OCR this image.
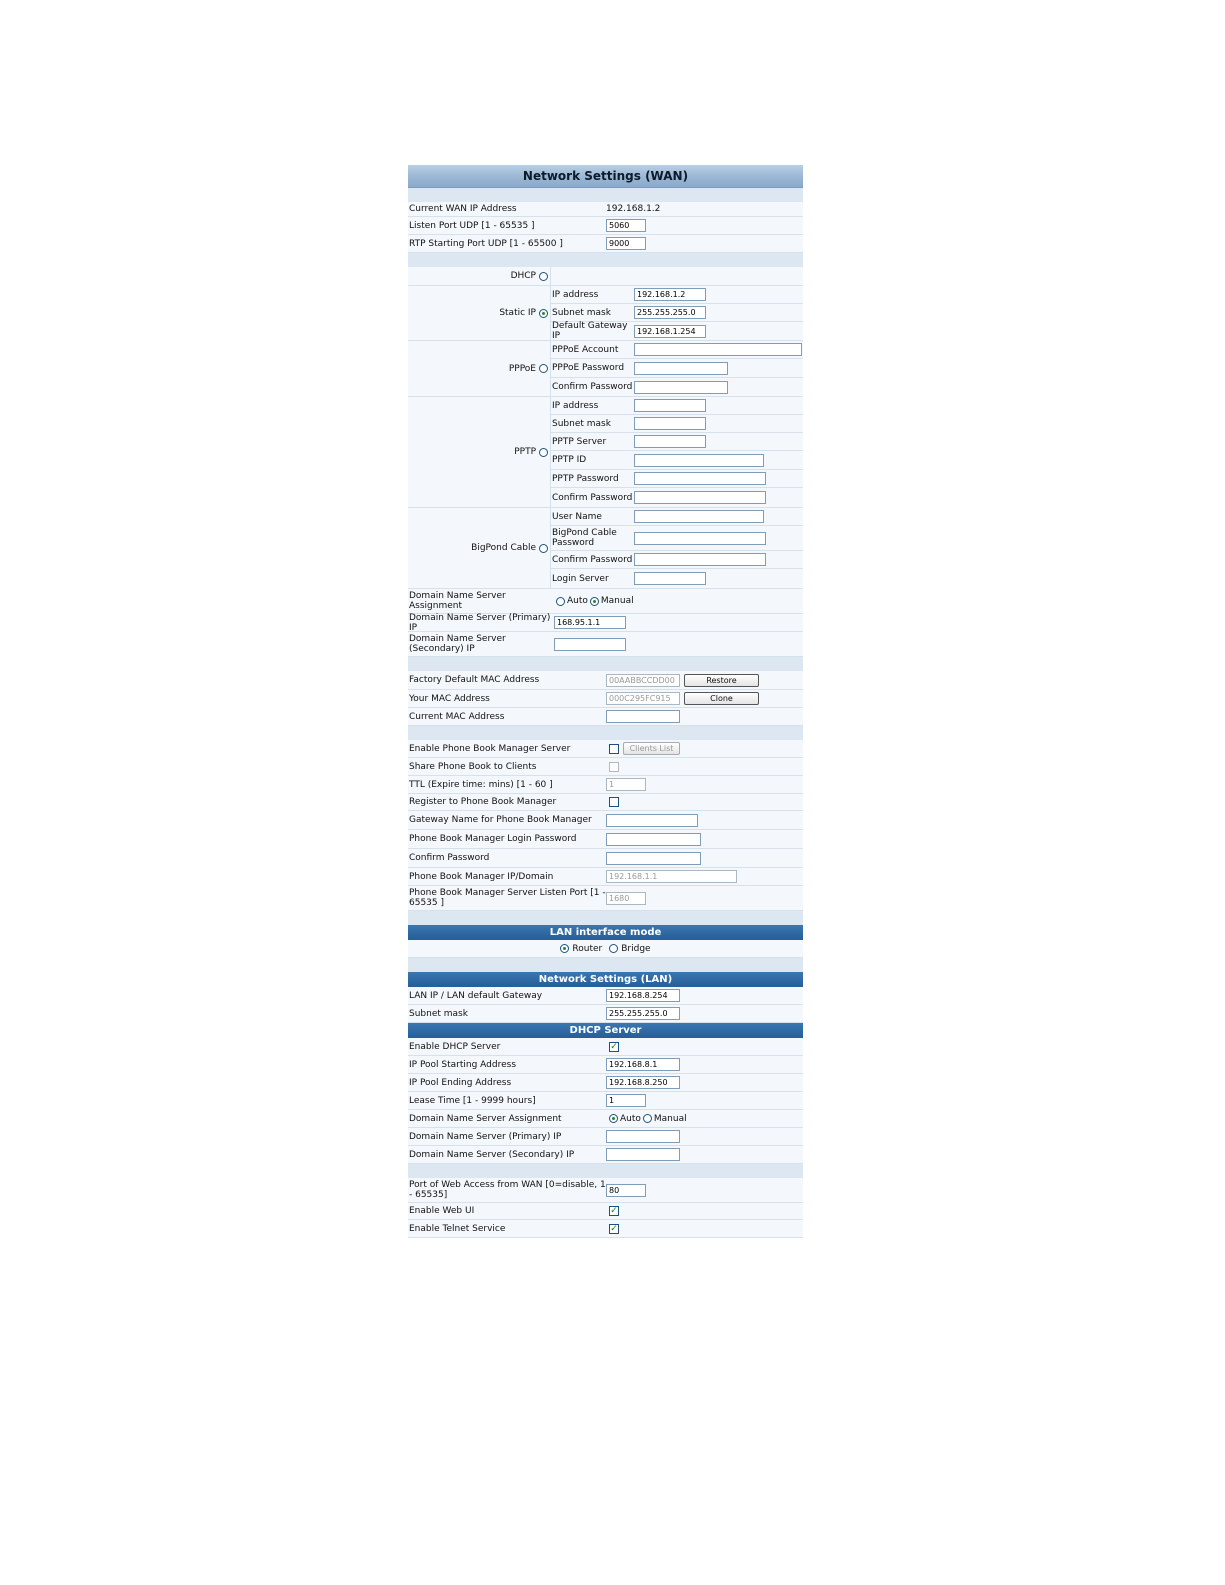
Network Settings (WAN)
Current WAN IP Address	192.168.1.2
Listen Port UDP [1 - 65535 ]	5060
RTP Starting Port UDP [1 - 65500 ]	9000
DHCP
Static IP
IP address	192.168.1.2
Subnet mask	255.255.255.0
Default Gateway IP	192.168.1.254
PPPoE
PPPoE Account
PPPoE Password
Confirm Password
PPTP
IP address
Subnet mask
PPTP Server
PPTP ID
PPTP Password
Confirm Password
BigPond Cable
User Name
BigPond Cable Password
Confirm Password
Login Server
Domain Name Server Assignment	Auto Manual
Domain Name Server (Primary) IP	168.95.1.1
Domain Name Server (Secondary) IP
Factory Default MAC Address	00AABBCCDD00	Restore
Your MAC Address	000C295FC915	Clone
Current MAC Address
Enable Phone Book Manager Server	Clients List
Share Phone Book to Clients
TTL (Expire time: mins) [1 - 60 ]	1
Register to Phone Book Manager
Gateway Name for Phone Book Manager
Phone Book Manager Login Password
Confirm Password
Phone Book Manager IP/Domain	192.168.1.1
Phone Book Manager Server Listen Port [1 - 65535 ]	1680
LAN interface mode
Router Bridge
Network Settings (LAN)
LAN IP / LAN default Gateway	192.168.8.254
Subnet mask	255.255.255.0
DHCP Server
Enable DHCP Server	✓
IP Pool Starting Address	192.168.8.1
IP Pool Ending Address	192.168.8.250
Lease Time [1 - 9999 hours]	1
Domain Name Server Assignment	Auto Manual
Domain Name Server (Primary) IP
Domain Name Server (Secondary) IP
Port of Web Access from WAN [0=disable, 1 - 65535]	80
Enable Web UI	✓
Enable Telnet Service	✓
